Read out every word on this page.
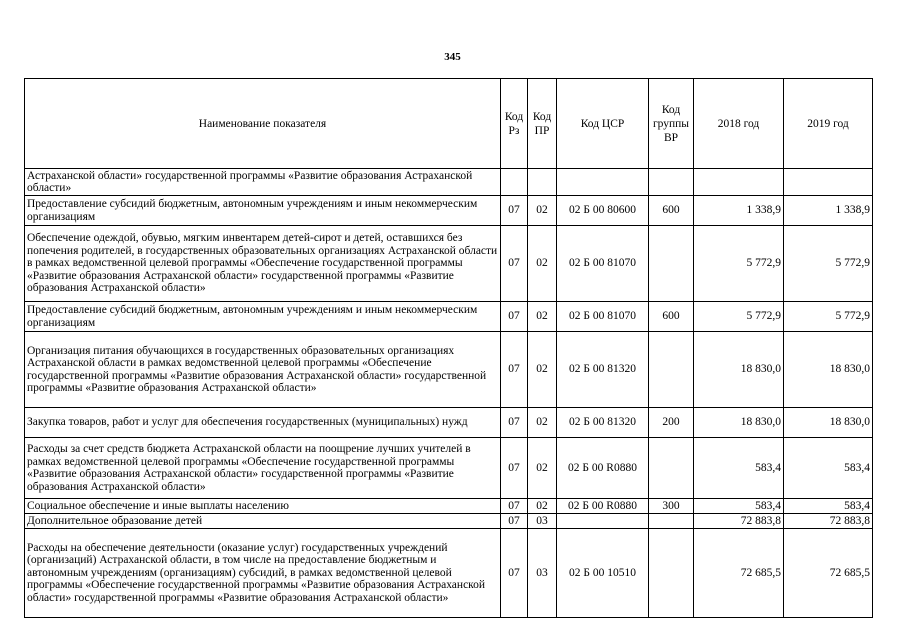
345
Наименование показателя	Код Рз	Код ПР	Код ЦСР	Код группы ВР	2018 год	2019 год
Астраханской области» государственной программы «Развитие образования Астраханской области»						
Предоставление субсидий бюджетным, автономным учреждениям и иным некоммерческим организациям	07	02	02 Б 00 80600	600	1 338,9	1 338,9
Обеспечение одеждой, обувью, мягким инвентарем детей-сирот и детей, оставшихся без попечения родителей, в государственных образовательных организациях Астраханской области в рамках ведомственной целевой программы «Обеспечение государственной программы «Развитие образования Астраханской области» государственной программы «Развитие образования Астраханской области»	07	02	02 Б 00 81070		5 772,9	5 772,9
Предоставление субсидий бюджетным, автономным учреждениям и иным некоммерческим организациям	07	02	02 Б 00 81070	600	5 772,9	5 772,9
Организация питания обучающихся в государственных образовательных организациях Астраханской области в рамках ведомственной целевой программы «Обеспечение государственной программы «Развитие образования Астраханской области» государственной программы «Развитие образования Астраханской области»	07	02	02 Б 00 81320		18 830,0	18 830,0
Закупка товаров, работ и услуг для обеспечения государственных (муниципальных) нужд	07	02	02 Б 00 81320	200	18 830,0	18 830,0
Расходы за счет средств бюджета Астраханской области на поощрение лучших учителей в рамках ведомственной целевой программы «Обеспечение государственной программы «Развитие образования Астраханской области» государственной программы «Развитие образования Астраханской области»	07	02	02 Б 00 R0880		583,4	583,4
Социальное обеспечение и иные выплаты населению	07	02	02 Б 00 R0880	300	583,4	583,4
Дополнительное образование детей	07	03			72 883,8	72 883,8
Расходы на обеспечение деятельности (оказание услуг) государственных учреждений (организаций) Астраханской области, в том числе на предоставление бюджетным и автономным учреждениям (организациям) субсидий, в рамках ведомственной целевой программы «Обеспечение государственной программы «Развитие образования Астраханской области» государственной программы «Развитие образования Астраханской области»	07	03	02 Б 00 10510		72 685,5	72 685,5
